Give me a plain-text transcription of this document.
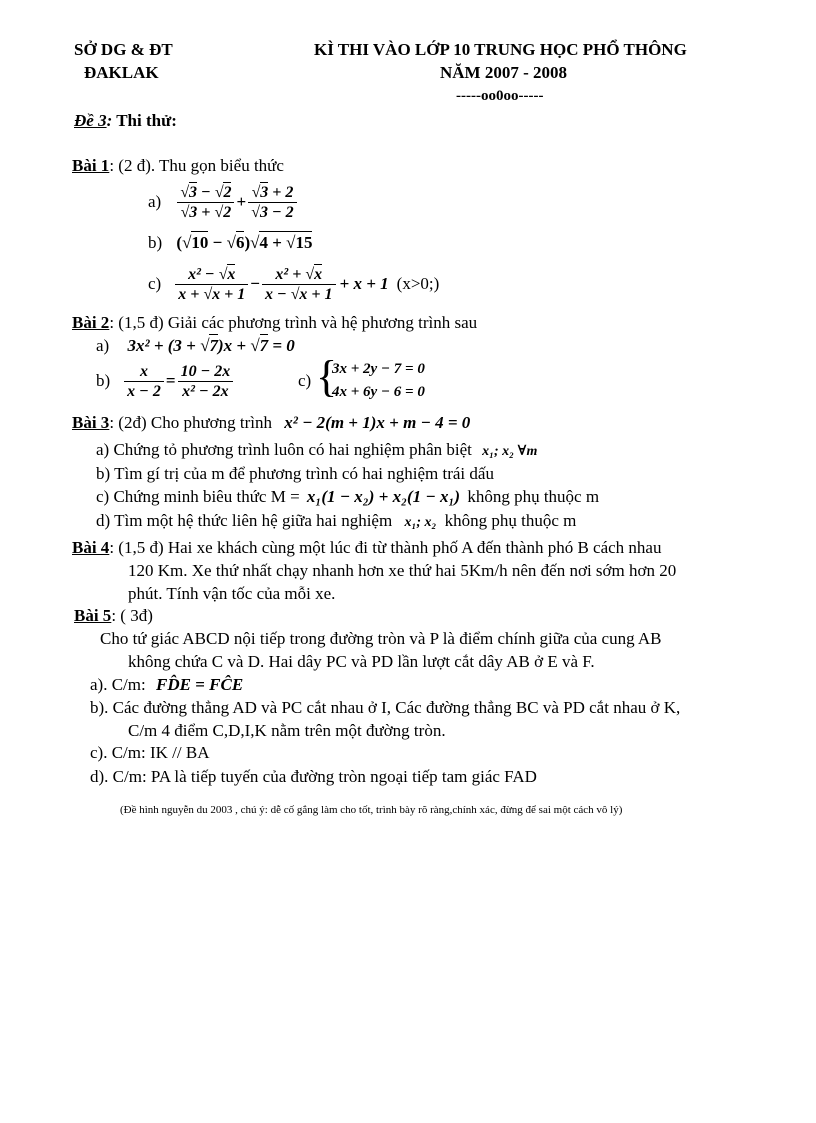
SỞ DG & ĐT
ĐAKLAK
KÌ THI VÀO LỚP 10 TRUNG HỌC PHỔ THÔNG
NĂM 2007 - 2008
-----oo0oo-----
Đề 3: Thi thử:
Bài 1: (2 đ). Thu gọn biểu thức
$a) \frac{√3 - √2}{√3 + √2} + \frac{√3 + 2}{√3 - 2}$
b) (√10 − √6)√4 + √15
$c) \frac{\text{x² − √x}}{x + √x + 1} - \frac{\text{x² + √x}}{x - √x + 1} + x + 1$ (x>0;)
Bài 2: (1,5 đ) Giải các phương trình và hệ phương trình sau
a) 3x² + (3 + √7)x + √7 = 0
$b) \frac{x}{x - 2} = \frac{10 - 2x}{\text{x² − 2x}}$	c) {
3x + 2y − 7 = 0
4x + 6y − 6 = 0
Bài 3: (2đ) Cho phương trình x² − 2(m + 1)x + m − 4 = 0
a) Chứng tỏ phương trình luôn có hai nghiệm phân biệt x₁; x₂ ∀m
b) Tìm gí trị của m để phương trình có hai nghiệm trái dấu
c) Chứng minh biêu thức M = x₁(1 − x₂) + x₂(1 − x₁) không phụ thuộc m
d) Tìm một hệ thức liên hệ giữa hai nghiệm x₁; x₂ không phụ thuộc m
Bài 4: (1,5 đ) Hai xe khách cùng một lúc đi từ thành phố A đến thành phó B cách nhau
120 Km. Xe thứ nhất chạy nhanh hơn xe thứ hai 5Km/h nên đến nơi sớm hơn 20
phút. Tính vận tốc của mỗi xe.
Bài 5: ( 3đ)
Cho tứ giác ABCD nội tiếp trong đường tròn và P là điểm chính giữa của cung AB
không chứa C và D. Hai dây PC và PD lần lượt cắt dây AB ở E và F.
a). C/m: FD̂E = FĈE
b). Các đường thẳng AD và PC cắt nhau ở I, Các đường thẳng BC và PD cắt nhau ở K,
C/m 4 điểm C,D,I,K nằm trên một đường tròn.
c). C/m: IK // BA
d). C/m: PA là tiếp tuyến của đường tròn ngoại tiếp tam giác FAD
(Đề hình nguyễn du 2003 , chú ý: dễ cố gắng làm cho tốt, trình bày rõ ràng,chính xác, đừng để sai một cách vô lý)
